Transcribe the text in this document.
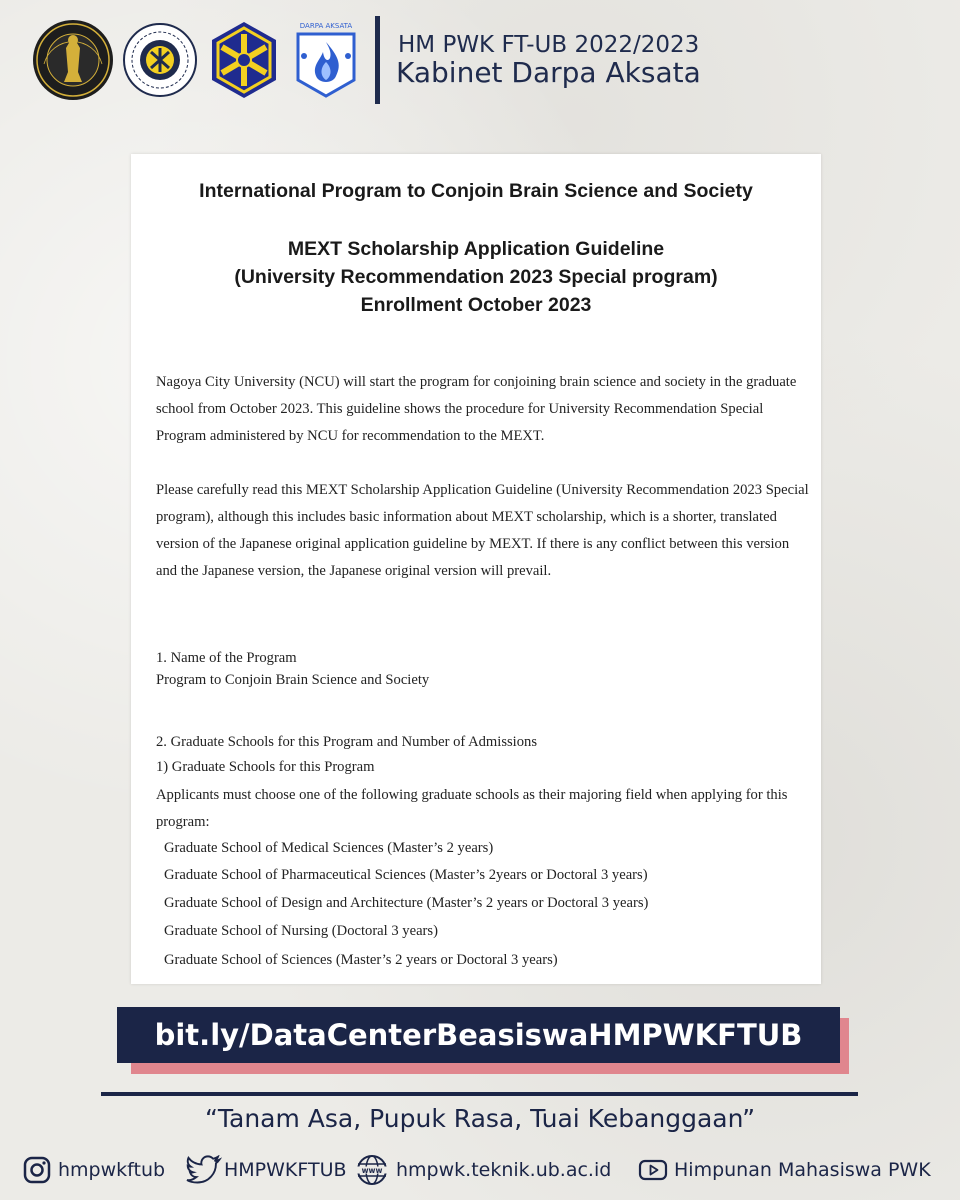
DARPA AKSATA
HM PWK FT-UB 2022/2023
Kabinet Darpa Aksata

International Program to Conjoin Brain Science and Society

MEXT Scholarship Application Guideline

(University Recommendation 2023 Special program)

Enrollment October 2023

Nagoya City University (NCU) will start the program for conjoining brain science and society in the graduate school from October 2023. This guideline shows the procedure for University Recommendation Special Program administered by NCU for recommendation to the MEXT.

Please carefully read this MEXT Scholarship Application Guideline (University Recommendation 2023 Special program), although this includes basic information about MEXT scholarship, which is a shorter, translated version of the Japanese original application guideline by MEXT. If there is any conflict between this version and the Japanese version, the Japanese original version will prevail.

1. Name of the Program

Program to Conjoin Brain Science and Society

2. Graduate Schools for this Program and Number of Admissions

1) Graduate Schools for this Program

Applicants must choose one of the following graduate schools as their majoring field when applying for this program:

Graduate School of Medical Sciences (Master’s 2 years)

Graduate School of Pharmaceutical Sciences (Master’s 2years or Doctoral 3 years)

Graduate School of Design and Architecture (Master’s 2 years or Doctoral 3 years)

Graduate School of Nursing (Doctoral 3 years)

Graduate School of Sciences (Master’s 2 years or Doctoral 3 years)

bit.ly/DataCenterBeasiswaHMPWKFTUB
“Tanam Asa, Pupuk Rasa, Tuai Kebanggaan”
hmpwkftub	HMPWKFTUB www hmpwk.teknik.ub.ac.id	Himpunan Mahasiswa PWK
